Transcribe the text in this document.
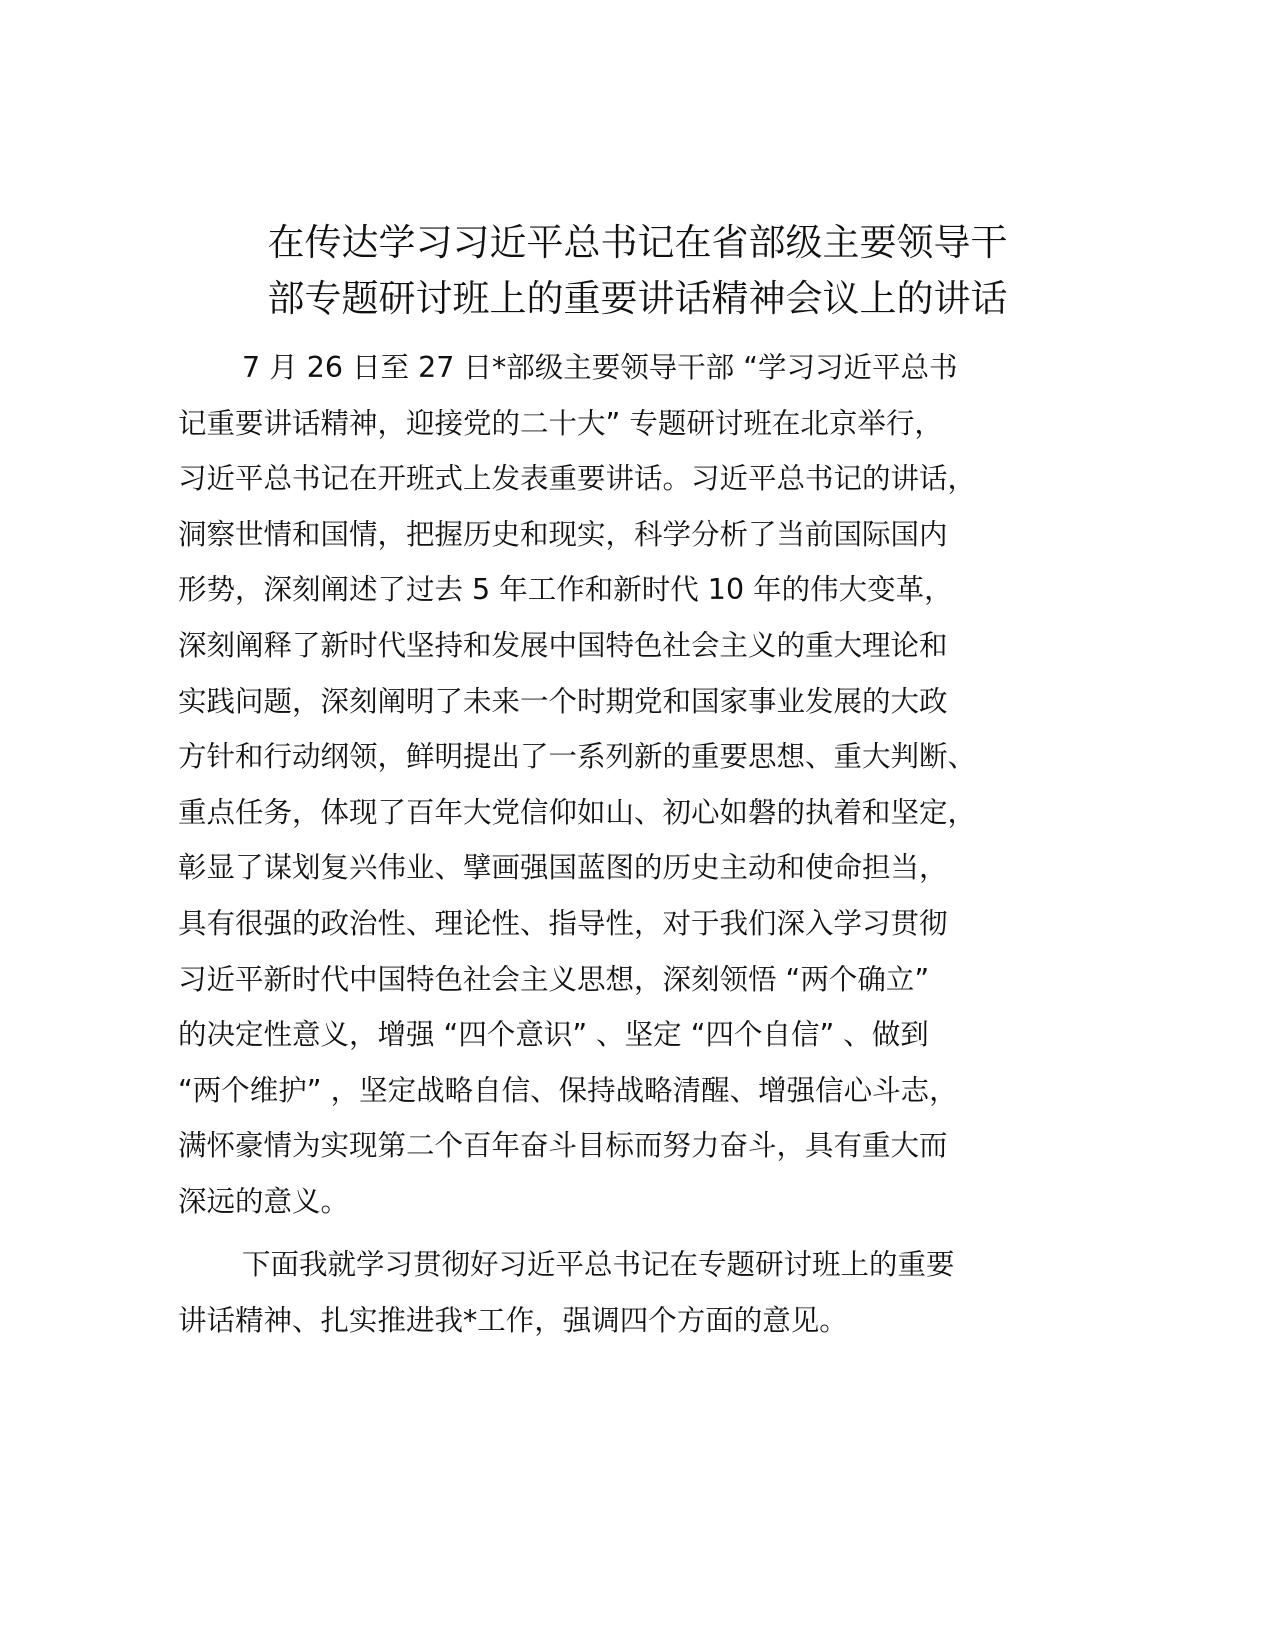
在传达学习习近平总书记在省部级主要领导干
部专题研讨班上的重要讲话精神会议上的讲话
7 月 26 日至 27 日*部级主要领导干部 “学习习近平总书
记重要讲话精神，迎接党的二十大” 专题研讨班在北京举行，
习近平总书记在开班式上发表重要讲话。习近平总书记的讲话，
洞察世情和国情，把握历史和现实，科学分析了当前国际国内
形势，深刻阐述了过去 5 年工作和新时代 10 年的伟大变革，
深刻阐释了新时代坚持和发展中国特色社会主义的重大理论和
实践问题，深刻阐明了未来一个时期党和国家事业发展的大政
方针和行动纲领，鲜明提出了一系列新的重要思想、重大判断、
重点任务，体现了百年大党信仰如山、初心如磐的执着和坚定，
彰显了谋划复兴伟业、擘画强国蓝图的历史主动和使命担当，
具有很强的政治性、理论性、指导性，对于我们深入学习贯彻
习近平新时代中国特色社会主义思想，深刻领悟 “两个确立”
的决定性意义，增强 “四个意识” 、坚定 “四个自信” 、做到
“两个维护” ，坚定战略自信、保持战略清醒、增强信心斗志，
满怀豪情为实现第二个百年奋斗目标而努力奋斗，具有重大而
深远的意义。
下面我就学习贯彻好习近平总书记在专题研讨班上的重要
讲话精神、扎实推进我*工作，强调四个方面的意见。
